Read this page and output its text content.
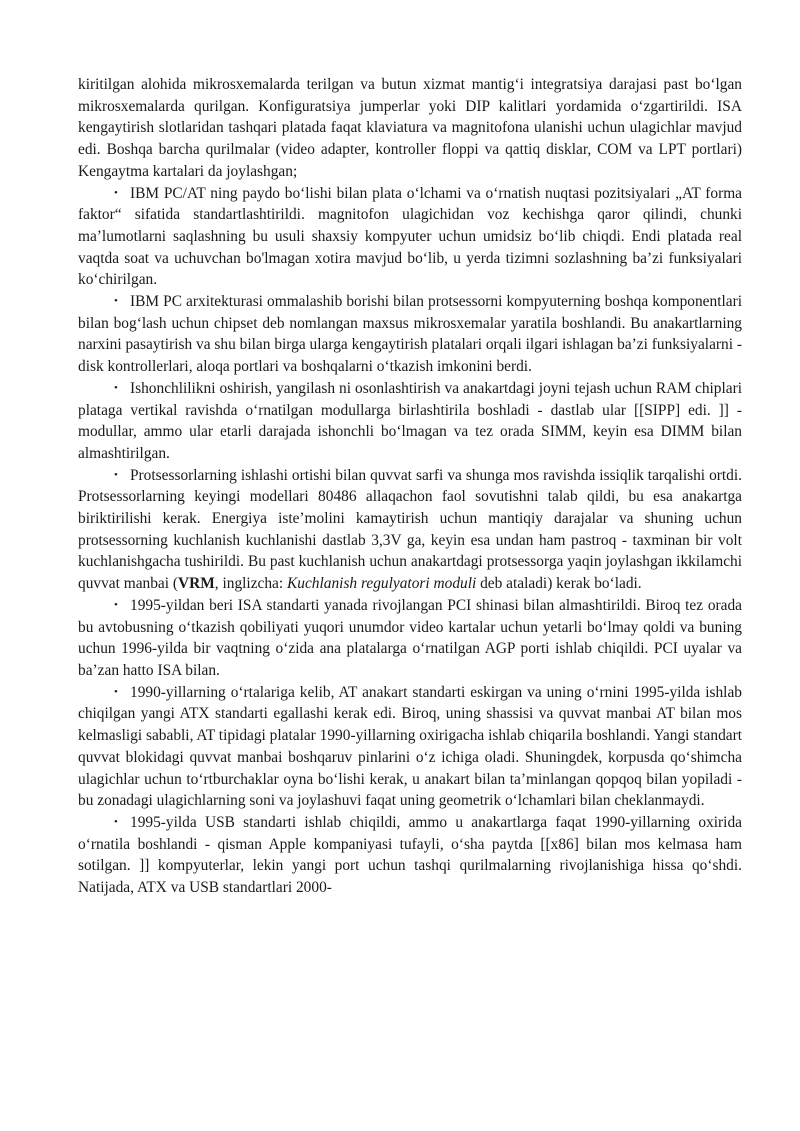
kiritilgan alohida mikrosxemalarda terilgan va butun xizmat mantig‘i integratsiya darajasi past bo‘lgan mikrosxemalarda qurilgan. Konfiguratsiya jumperlar yoki DIP kalitlari yordamida o‘zgartirildi. ISA kengaytirish slotlaridan tashqari platada faqat klaviatura va magnitofona ulanishi uchun ulagichlar mavjud edi. Boshqa barcha qurilmalar (video adapter, kontroller floppi va qattiq disklar, COM va LPT portlari) Kengaytma kartalari da joylashgan;

• IBM PC/AT ning paydo bo‘lishi bilan plata o‘lchami va o‘rnatish nuqtasi pozitsiyalari „AT forma faktor“ sifatida standartlashtirildi. magnitofon ulagichidan voz kechishga qaror qilindi, chunki ma’lumotlarni saqlashning bu usuli shaxsiy kompyuter uchun umidsiz bo‘lib chiqdi. Endi platada real vaqtda soat va uchuvchan bo'lmagan xotira mavjud bo‘lib, u yerda tizimni sozlashning ba’zi funksiyalari ko‘chirilgan.
• IBM PC arxitekturasi ommalashib borishi bilan protsessorni kompyuterning boshqa komponentlari bilan bog‘lash uchun chipset deb nomlangan maxsus mikrosxemalar yaratila boshlandi. Bu anakartlarning narxini pasaytirish va shu bilan birga ularga kengaytirish platalari orqali ilgari ishlagan ba’zi funksiyalarni - disk kontrollerlari, aloqa portlari va boshqalarni o‘tkazish imkonini berdi.
• Ishonchlilikni oshirish, yangilash ni osonlashtirish va anakartdagi joyni tejash uchun RAM chiplari plataga vertikal ravishda o‘rnatilgan modullarga birlashtirila boshladi - dastlab ular [[SIPP] edi. ]] - modullar, ammo ular etarli darajada ishonchli bo‘lmagan va tez orada SIMM, keyin esa DIMM bilan almashtirilgan.
• Protsessorlarning ishlashi ortishi bilan quvvat sarfi va shunga mos ravishda issiqlik tarqalishi ortdi. Protsessorlarning keyingi modellari 80486 allaqachon faol sovutishni talab qildi, bu esa anakartga biriktirilishi kerak. Energiya iste’molini kamaytirish uchun mantiqiy darajalar va shuning uchun protsessorning kuchlanish kuchlanishi dastlab 3,3V ga, keyin esa undan ham pastroq - taxminan bir volt kuchlanishgacha tushirildi. Bu past kuchlanish uchun anakartdagi protsessorga yaqin joylashgan ikkilamchi quvvat manbai (VRM, inglizcha: Kuchlanish regulyatori moduli deb ataladi) kerak bo‘ladi.
• 1995-yildan beri ISA standarti yanada rivojlangan PCI shinasi bilan almashtirildi. Biroq tez orada bu avtobusning o‘tkazish qobiliyati yuqori unumdor video kartalar uchun yetarli bo‘lmay qoldi va buning uchun 1996-yilda bir vaqtning o‘zida ana platalarga o‘rnatilgan AGP porti ishlab chiqildi. PCI uyalar va ba’zan hatto ISA bilan.
• 1990-yillarning o‘rtalariga kelib, AT anakart standarti eskirgan va uning o‘rnini 1995-yilda ishlab chiqilgan yangi ATX standarti egallashi kerak edi. Biroq, uning shassisi va quvvat manbai AT bilan mos kelmasligi sababli, AT tipidagi platalar 1990-yillarning oxirigacha ishlab chiqarila boshlandi. Yangi standart quvvat blokidagi quvvat manbai boshqaruv pinlarini o‘z ichiga oladi. Shuningdek, korpusda qo‘shimcha ulagichlar uchun to‘rtburchaklar oyna bo‘lishi kerak, u anakart bilan ta’minlangan qopqoq bilan yopiladi - bu zonadagi ulagichlarning soni va joylashuvi faqat uning geometrik o‘lchamlari bilan cheklanmaydi.
• 1995-yilda USB standarti ishlab chiqildi, ammo u anakartlarga faqat 1990-yillarning oxirida o‘rnatila boshlandi - qisman Apple kompaniyasi tufayli, o‘sha paytda [[x86] bilan mos kelmasa ham sotilgan. ]] kompyuterlar, lekin yangi port uchun tashqi qurilmalarning rivojlanishiga hissa qo‘shdi. Natijada, ATX va USB standartlari 2000-
